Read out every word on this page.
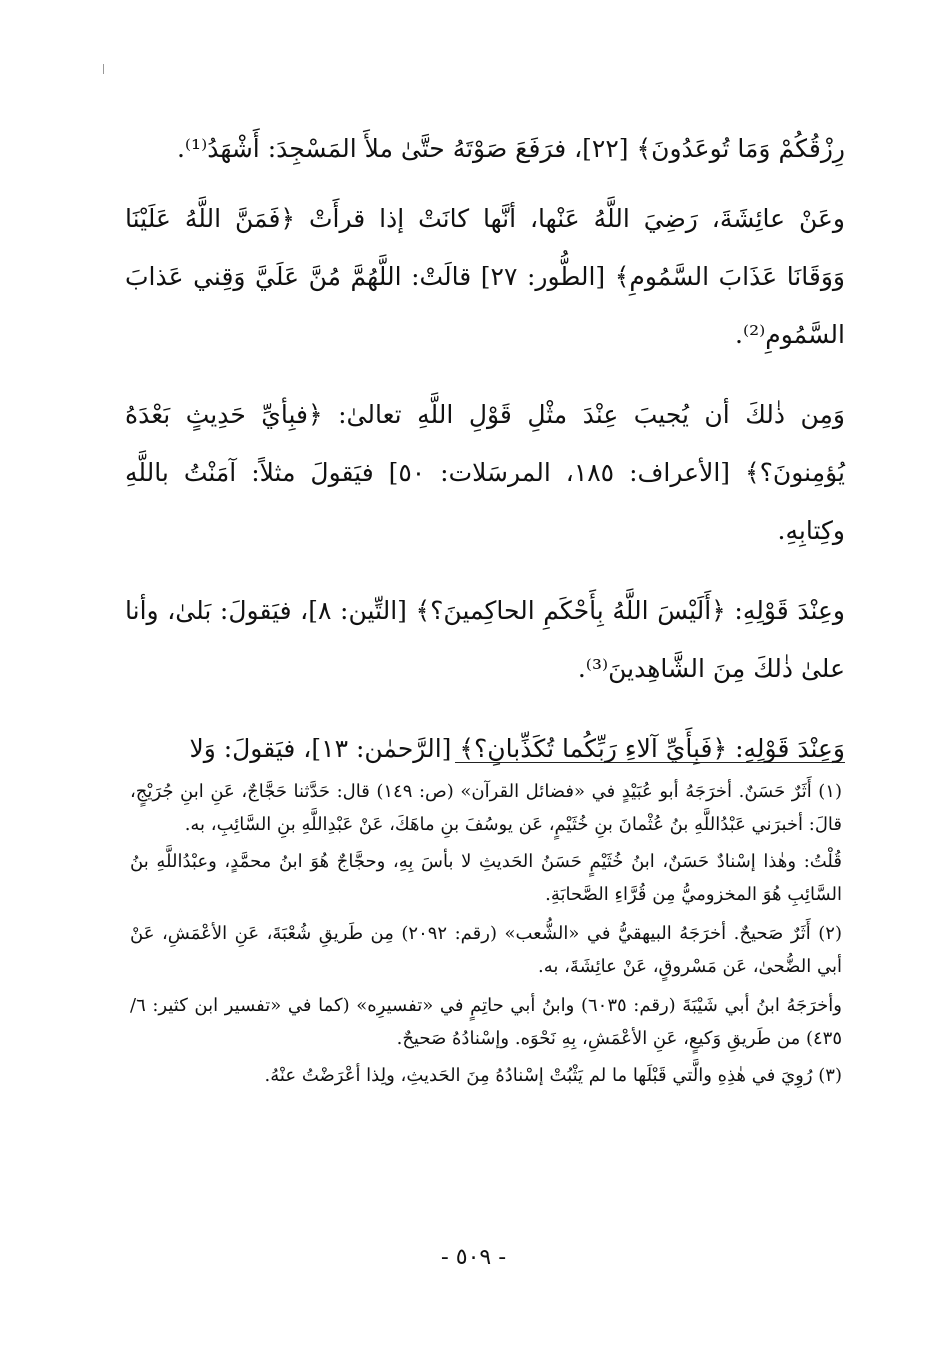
رِزْقُكُمْ وَمَا تُوعَدُونَ﴾ [٢٢]، فرَفَعَ صَوْتَهُ حتَّىٰ ملأَ المَسْجِدَ: أَشْهَدُ⁽¹⁾.

وعَنْ عائِشَةَ، رَضِيَ اللَّهُ عَنْها، أنَّها كانَتْ إذا قرأَتْ ﴿فَمَنَّ اللَّهُ عَلَيْنَا وَوَقَانَا عَذَابَ السَّمُومِ﴾ [الطُّور: ٢٧] قالَتْ: اللَّهُمَّ مُنَّ عَلَيَّ وَقِني عَذابَ السَّمُومِ⁽²⁾.

وَمِن ذٰلكَ أن يُجيبَ عِنْدَ مثْلِ قَوْلِ اللَّهِ تعالىٰ: ﴿فبِأيِّ حَدِيثٍ بَعْدَهُ يُؤمِنونَ؟﴾ [الأعراف: ١٨٥، المرسَلات: ٥٠] فيَقولَ مثلاً: آمَنْتُ باللَّهِ وكِتابِهِ.

وعِنْدَ قَوْلِهِ: ﴿أَلَيْسَ اللَّهُ بِأَحْكَمِ الحاكِمينَ؟﴾ [التِّين: ٨]، فيَقولَ: بَلىٰ، وأنا علىٰ ذٰلكَ مِنَ الشَّاهِدينَ⁽³⁾.

وَعِنْدَ قَوْلِهِ: ﴿فَبِأَيِّ آلاءِ رَبِّكُما تُكَذِّبانِ؟﴾ [الرَّحمٰن: ١٣]، فيَقولَ: وَلا

(١) أَثَرٌ حَسَنٌ. أخرَجَهُ أبو عُبَيْدٍ في «فضائل القرآن» (ص: ١٤٩) قال: حَدَّثنا حَجَّاجٌ، عَنِ ابنِ جُرَيْجٍ، قالَ: أخبرَني عَبْدُاللَّهِ بنُ عُثْمانَ بنِ خُثَيْمٍ، عَن يوسُفَ بنِ ماهَكَ، عَنْ عَبْدِاللَّهِ بنِ السَّائِبِ، به.

قُلْتُ: وهٰذا إسْنادٌ حَسَنٌ، ابنُ خُثَيْمٍ حَسَنُ الحَديثِ لا بأسَ بِهِ، وحجَّاجٌ هُوَ ابنُ محمَّدٍ، وعبْدُاللَّهِ بنُ السَّائِبِ هُوَ المخزوميُّ مِن قُرَّاءِ الصَّحابَةِ.

(٢) أَثَرٌ صَحيحٌ. أخرَجَهُ البيهقيُّ في «الشُّعب» (رقم: ٢٠٩٢) مِن طَريقِ شُعْبَةَ، عَنِ الأعْمَشِ، عَنْ أبي الضُّحىٰ، عَن مَسْروقٍ، عَنْ عائِشَةَ، به.

وأخرَجَهُ ابنُ أبي شَيْبَةَ (رقم: ٦٠٣٥) وابنُ أبي حاتِمٍ في «تفسيرِه» (كما في «تفسير ابن كثير: ٦/ ٤٣٥) من طَريقِ وَكيعٍ، عَنِ الأعْمَشِ، بِهِ نَحْوَه. وإسْنادُهُ صَحيحٌ.

(٣) رُوِيَ في هٰذِهِ والَّتي قَبْلَها ما لم يَثْبُتْ إسْنادُهُ مِنَ الحَديثِ، ولِذا أعْرَضْتُ عنْهُ.

- ٥٠٩ -
